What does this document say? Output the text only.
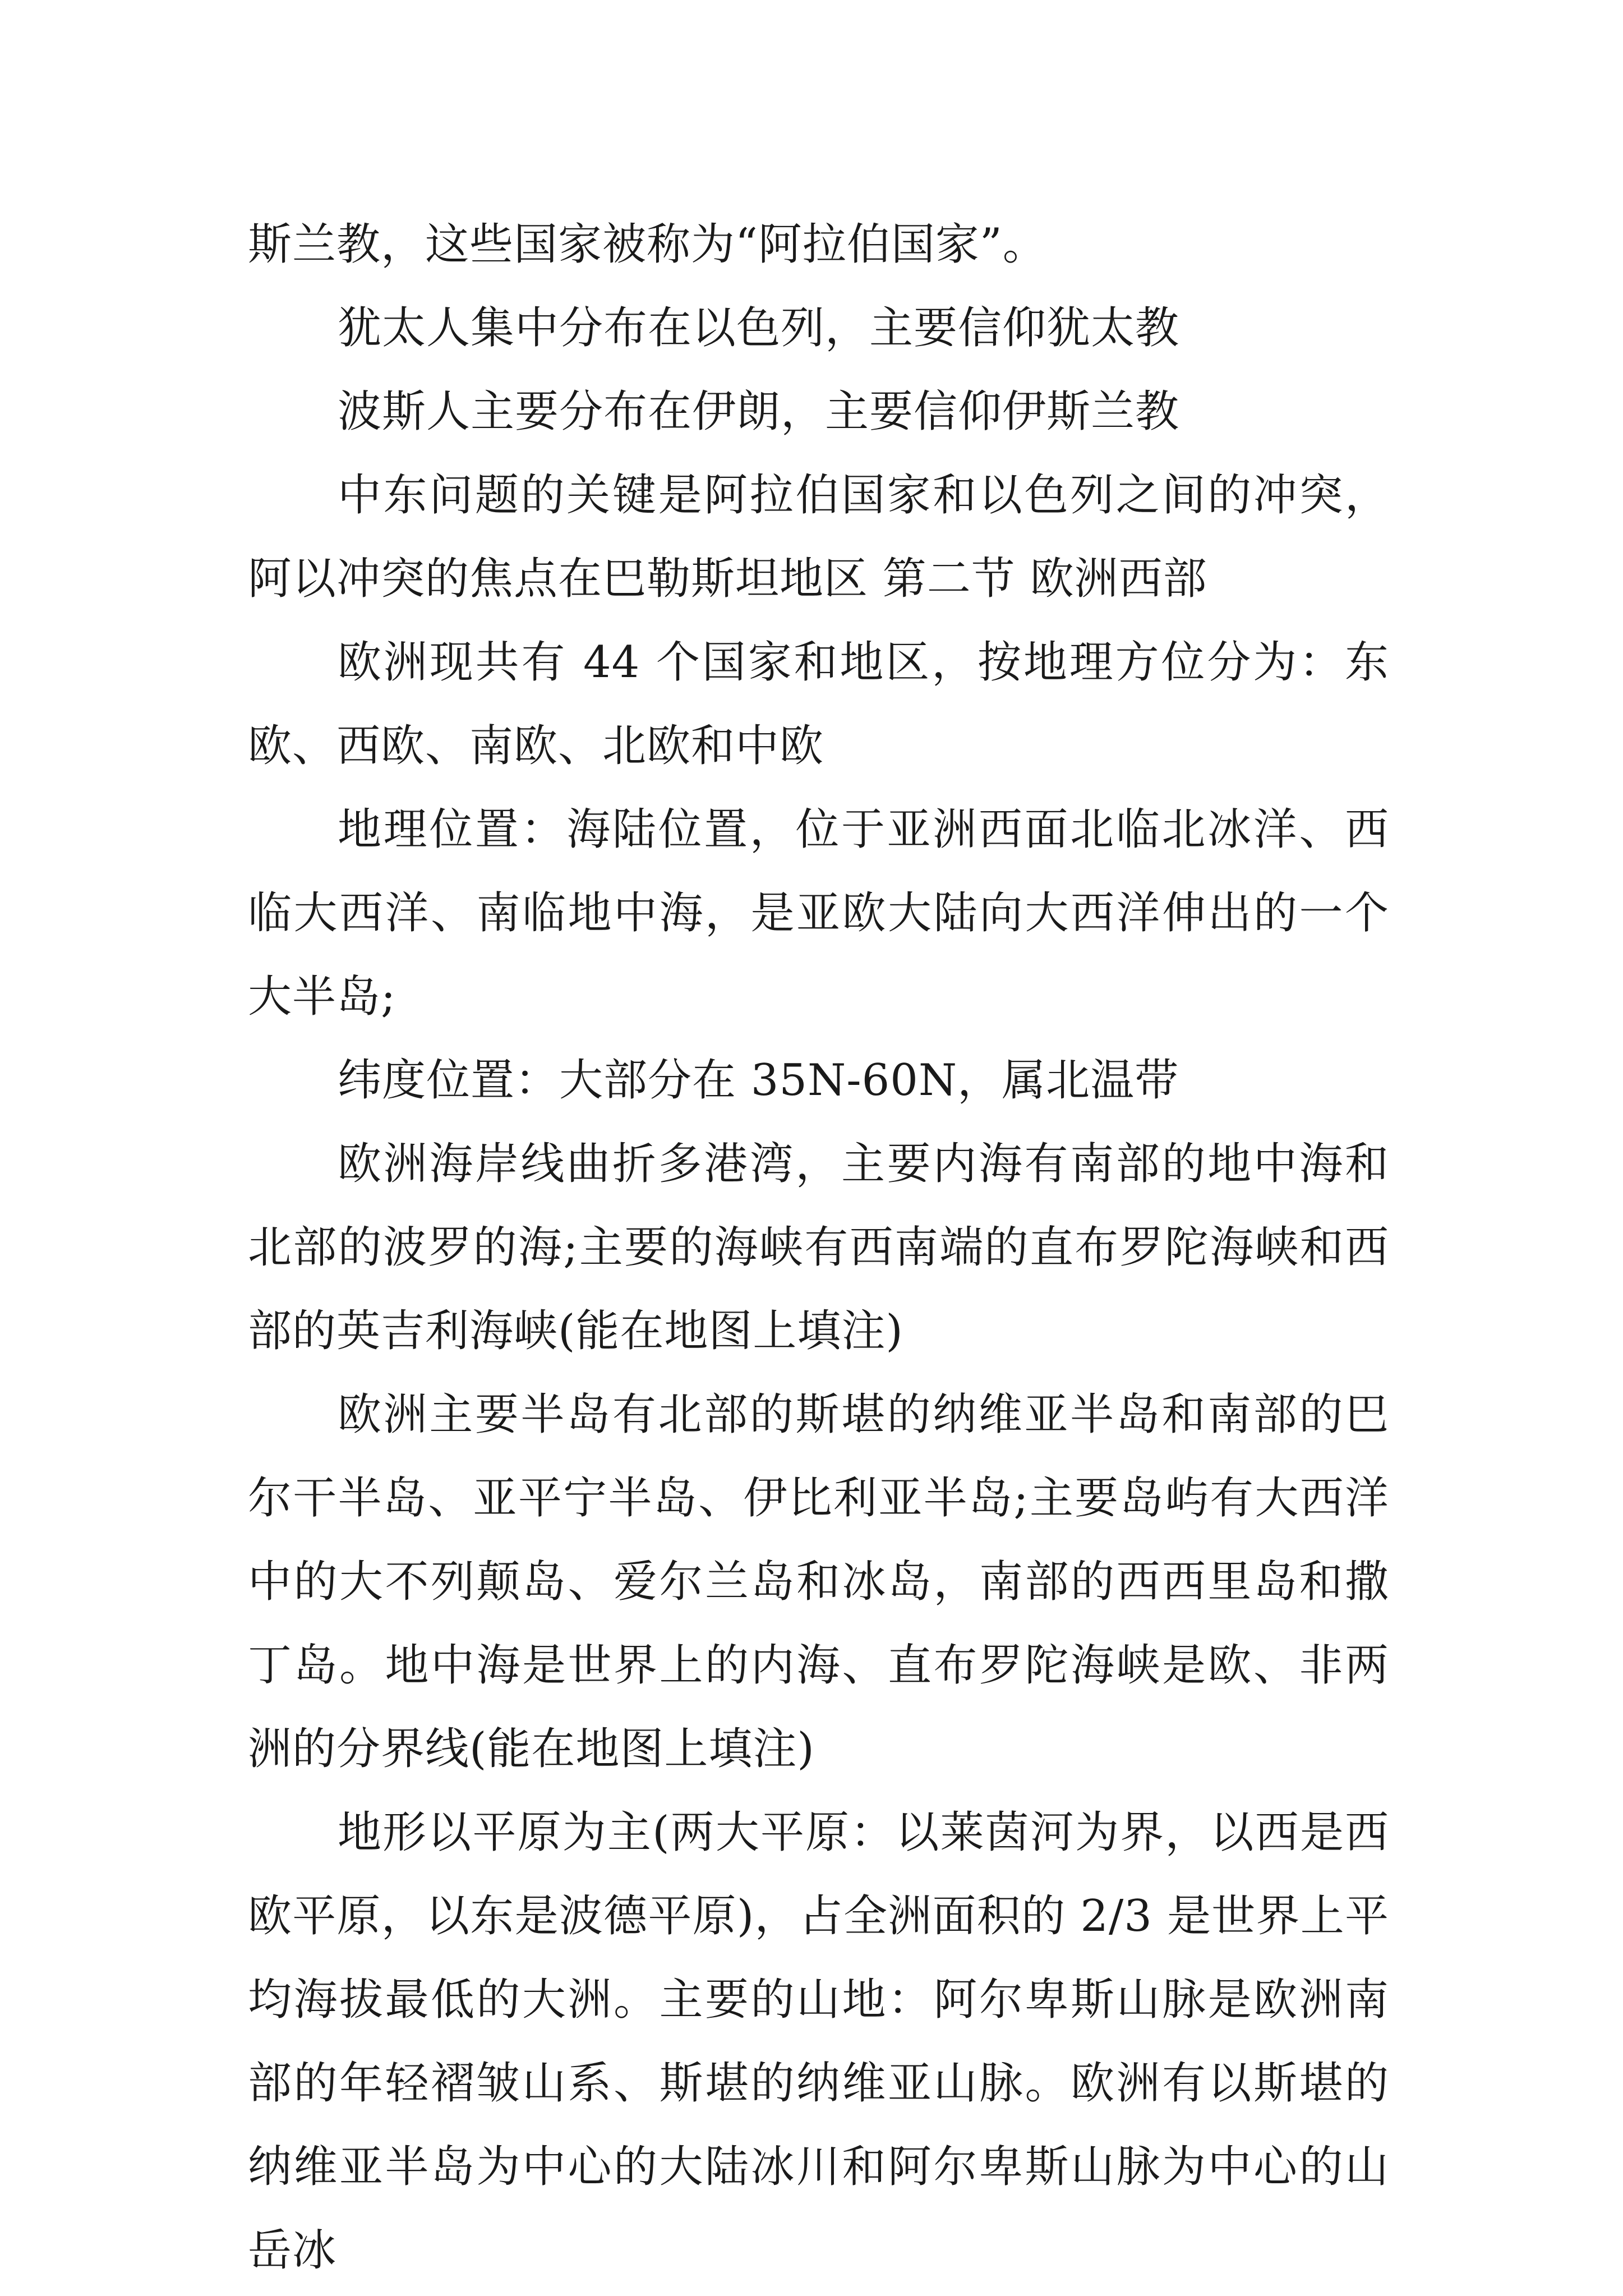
斯兰教，这些国家被称为“阿拉伯国家”。

犹太人集中分布在以色列，主要信仰犹太教

波斯人主要分布在伊朗，主要信仰伊斯兰教

中东问题的关键是阿拉伯国家和以色列之间的冲突，阿以冲突的焦点在巴勒斯坦地区 第二节 欧洲西部

欧洲现共有 44 个国家和地区，按地理方位分为：东欧、西欧、南欧、北欧和中欧

地理位置：海陆位置，位于亚洲西面北临北冰洋、西临大西洋、南临地中海，是亚欧大陆向大西洋伸出的一个大半岛;

纬度位置：大部分在 35N-60N，属北温带

欧洲海岸线曲折多港湾，主要内海有南部的地中海和北部的波罗的海;主要的海峡有西南端的直布罗陀海峡和西部的英吉利海峡(能在地图上填注)

欧洲主要半岛有北部的斯堪的纳维亚半岛和南部的巴尔干半岛、亚平宁半岛、伊比利亚半岛;主要岛屿有大西洋中的大不列颠岛、爱尔兰岛和冰岛，南部的西西里岛和撒丁岛。地中海是世界上的内海、直布罗陀海峡是欧、非两洲的分界线(能在地图上填注)

地形以平原为主(两大平原：以莱茵河为界，以西是西欧平原，以东是波德平原)，占全洲面积的 2/3 是世界上平均海拔最低的大洲。主要的山地：阿尔卑斯山脉是欧洲南部的年轻褶皱山系、斯堪的纳维亚山脉。欧洲有以斯堪的纳维亚半岛为中心的大陆冰川和阿尔卑斯山脉为中心的山岳冰
